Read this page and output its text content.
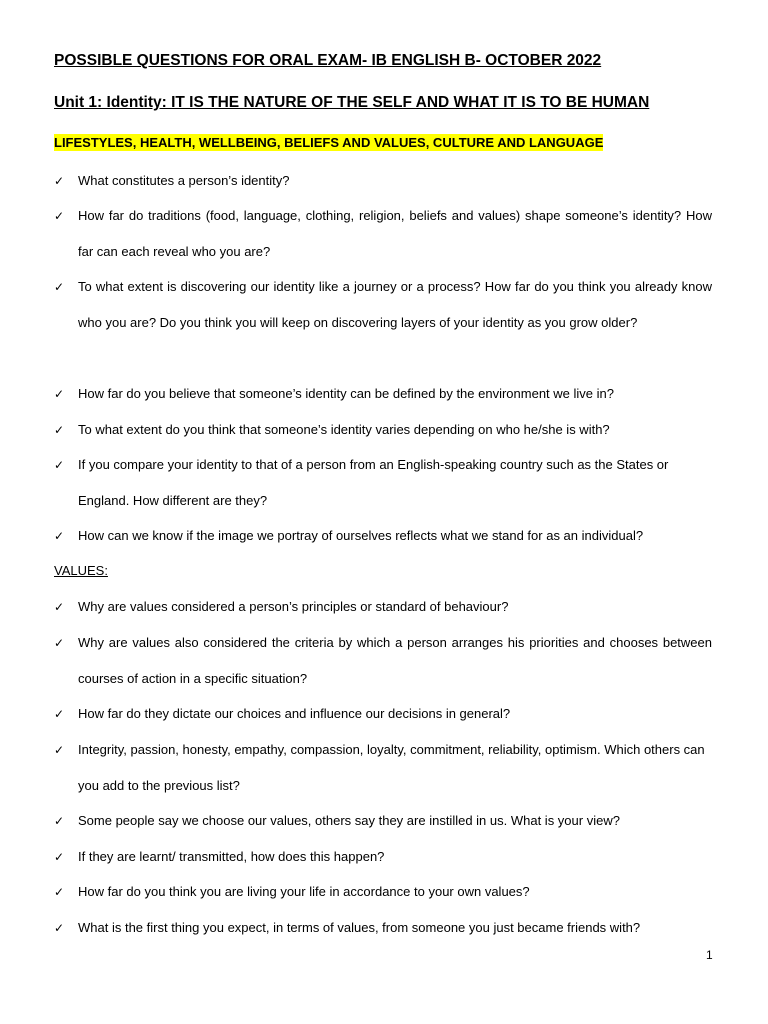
POSSIBLE QUESTIONS FOR ORAL EXAM- IB ENGLISH B- OCTOBER 2022
Unit 1: Identity: IT IS THE NATURE OF THE SELF AND WHAT IT IS TO BE HUMAN
LIFESTYLES, HEALTH, WELLBEING, BELIEFS AND VALUES, CULTURE AND LANGUAGE
✓	What constitutes a person’s identity?
✓	How far do traditions (food, language, clothing, religion, beliefs and values) shape someone’s identity? How far can each reveal who you are?
✓	To what extent is discovering our identity like a journey or a process? How far do you think you already know who you are? Do you think you will keep on discovering layers of your identity as you grow older?
✓	How far do you believe that someone’s identity can be defined by the environment we live in?
✓	To what extent do you think that someone’s identity varies depending on who he/she is with?
✓	If you compare your identity to that of a person from an English-speaking country such as the States or England. How different are they?
✓	How can we know if the image we portray of ourselves reflects what we stand for as an individual?
VALUES:
✓	Why are values considered a person’s principles or standard of behaviour?
✓	Why are values also considered the criteria by which a person arranges his priorities and chooses between courses of action in a specific situation?
✓	How far do they dictate our choices and influence our decisions in general?
✓	Integrity, passion, honesty, empathy, compassion, loyalty, commitment, reliability, optimism. Which others can you add to the previous list?
✓	Some people say we choose our values, others say they are instilled in us. What is your view?
✓	If they are learnt/ transmitted, how does this happen?
✓	How far do you think you are living your life in accordance to your own values?
✓	What is the first thing you expect, in terms of values, from someone you just became friends with?
1
